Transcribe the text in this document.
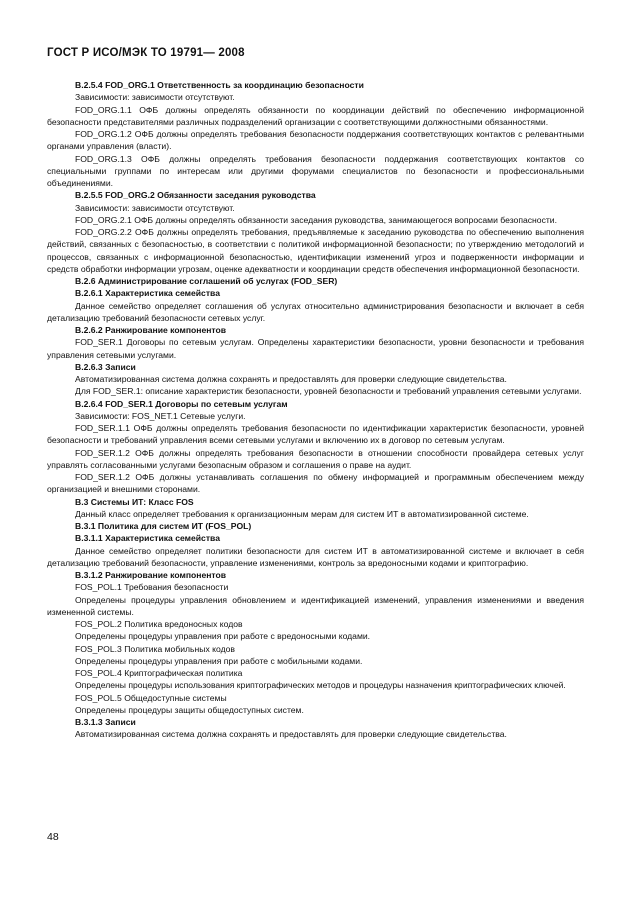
ГОСТ Р ИСО/МЭК ТО 19791— 2008

B.2.5.4 FOD_ORG.1 Ответственность за координацию безопасности

Зависимости: зависимости отсутствуют.

FOD_ORG.1.1 ОФБ должны определять обязанности по координации действий по обеспечению информационной безопасности представителями различных подразделений организации с соответствующими должностными обязанностями.

FOD_ORG.1.2 ОФБ должны определять требования безопасности поддержания соответствующих контактов с релевантными органами управления (власти).

FOD_ORG.1.3 ОФБ должны определять требования безопасности поддержания соответствующих контактов со специальными группами по интересам или другими форумами специалистов по безопасности и профессиональными объединениями.

B.2.5.5 FOD_ORG.2 Обязанности заседания руководства

Зависимости: зависимости отсутствуют.

FOD_ORG.2.1 ОФБ должны определять обязанности заседания руководства, занимающегося вопросами безопасности.

FOD_ORG.2.2 ОФБ должны определять требования, предъявляемые к заседанию руководства по обеспечению выполнения действий, связанных с безопасностью, в соответствии с политикой информационной безопасности; по утверждению методологий и процессов, связанных с информационной безопасностью, идентификации изменений угроз и подверженности информации и средств обработки информации угрозам, оценке адекватности и координации средств обеспечения информационной безопасности.

B.2.6 Администрирование соглашений об услугах (FOD_SER)

B.2.6.1 Характеристика семейства

Данное семейство определяет соглашения об услугах относительно администрирования безопасности и включает в себя детализацию требований безопасности сетевых услуг.

B.2.6.2 Ранжирование компонентов

FOD_SER.1 Договоры по сетевым услугам. Определены характеристики безопасности, уровни безопасности и требования управления сетевыми услугами.

B.2.6.3 Записи

Автоматизированная система должна сохранять и предоставлять для проверки следующие свидетельства.

Для FOD_SER.1: описание характеристик безопасности, уровней безопасности и требований управления сетевыми услугами.

B.2.6.4 FOD_SER.1 Договоры по сетевым услугам

Зависимости: FOS_NET.1 Сетевые услуги.

FOD_SER.1.1 ОФБ должны определять требования безопасности по идентификации характеристик безопасности, уровней безопасности и требований управления всеми сетевыми услугами и включению их в договор по сетевым услугам.

FOD_SER.1.2 ОФБ должны определять требования безопасности в отношении способности провайдера сетевых услуг управлять согласованными услугами безопасным образом и соглашения о праве на аудит.

FOD_SER.1.2 ОФБ должны устанавливать соглашения по обмену информацией и программным обеспечением между организацией и внешними сторонами.

B.3 Системы ИТ: Класс FOS

Данный класс определяет требования к организационным мерам для систем ИТ в автоматизированной системе.

B.3.1 Политика для систем ИТ (FOS_POL)

B.3.1.1 Характеристика семейства

Данное семейство определяет политики безопасности для систем ИТ в автоматизированной системе и включает в себя детализацию требований безопасности, управление изменениями, контроль за вредоносными кодами и криптографию.

B.3.1.2 Ранжирование компонентов

FOS_POL.1 Требования безопасности

Определены процедуры управления обновлением и идентификацией изменений, управления изменениями и введения измененной системы.

FOS_POL.2 Политика вредоносных кодов

Определены процедуры управления при работе с вредоносными кодами.

FOS_POL.3 Политика мобильных кодов

Определены процедуры управления при работе с мобильными кодами.

FOS_POL.4 Криптографическая политика

Определены процедуры использования криптографических методов и процедуры назначения криптографических ключей.

FOS_POL.5 Общедоступные системы

Определены процедуры защиты общедоступных систем.

B.3.1.3 Записи

Автоматизированная система должна сохранять и предоставлять для проверки следующие свидетельства.

48
